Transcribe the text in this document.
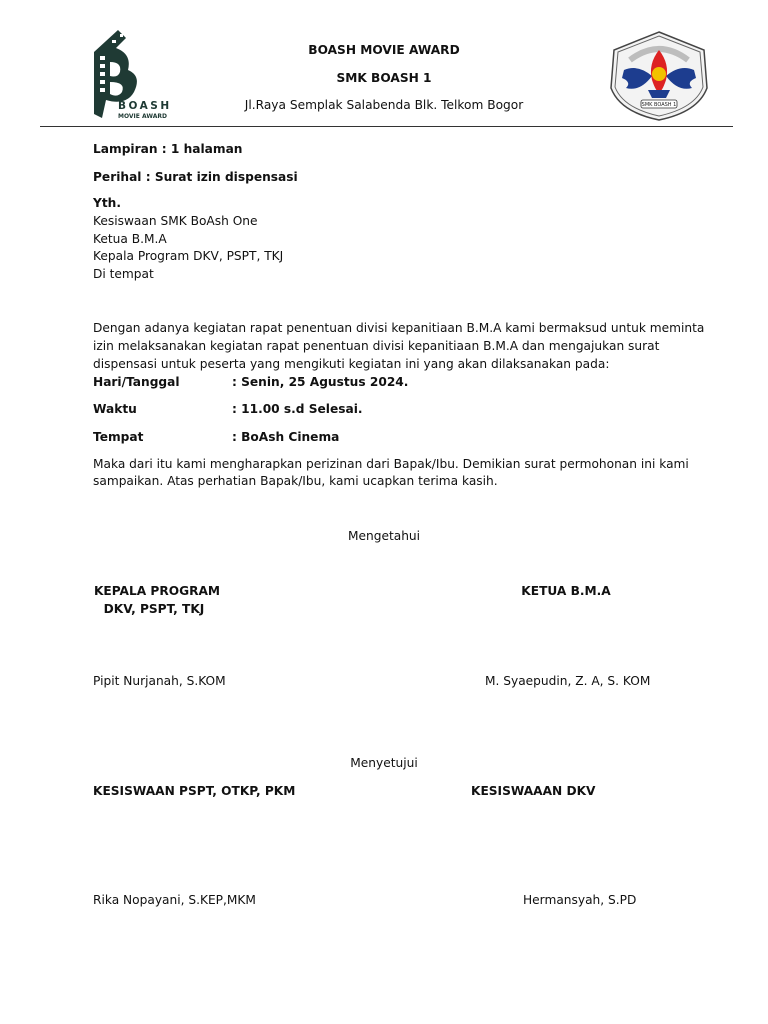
BOASH
MOVIE AWARD
BOASH MOVIE AWARD
SMK BOASH 1
Jl.Raya Semplak Salabenda Blk. Telkom Bogor	SMK BOASH 1
Lampiran : 1 halaman
Perihal : Surat izin dispensasi
Yth.
Kesiswaan SMK BoAsh One
Ketua B.M.A
Kepala Program DKV, PSPT, TKJ
Di tempat
Dengan adanya kegiatan rapat penentuan divisi kepanitiaan B.M.A kami bermaksud untuk meminta
izin melaksanakan kegiatan rapat penentuan divisi kepanitiaan B.M.A dan mengajukan surat
dispensasi untuk peserta yang mengikuti kegiatan ini yang akan dilaksanakan pada:
Hari/Tanggal	: Senin, 25 Agustus 2024.
Waktu	: 11.00 s.d Selesai.
Tempat	: BoAsh Cinema
Maka dari itu kami mengharapkan perizinan dari Bapak/Ibu. Demikian surat permohonan ini kami
sampaikan. Atas perhatian Bapak/Ibu, kami ucapkan terima kasih.
Mengetahui
KEPALA PROGRAM
DKV, PSPT, TKJ
KETUA B.M.A
Pipit Nurjanah, S.KOM	M. Syaepudin, Z. A, S. KOM
Menyetujui
KESISWAAN PSPT, OTKP, PKM	KESISWAAAN DKV
Rika Nopayani, S.KEP,MKM	Hermansyah, S.PD
